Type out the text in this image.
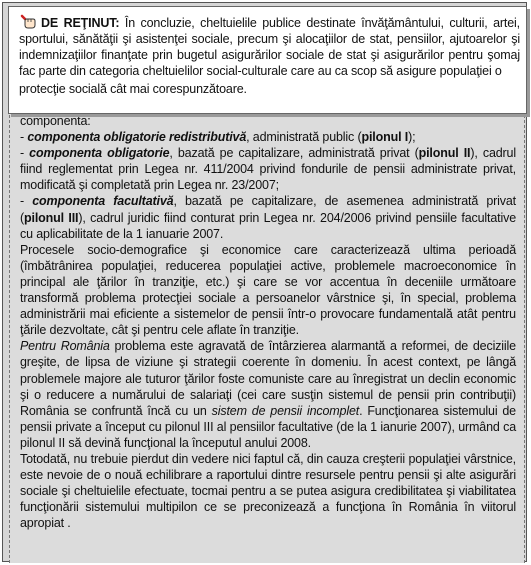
componenta:

- componenta obligatorie redistributivă, administrată public (pilonul I);

- componenta obligatorie, bazată pe capitalizare, administrată privat (pilonul II), cadrul fiind reglementat prin Legea nr. 411/2004 privind fondurile de pensii administrate privat, modificată şi completată prin Legea nr. 23/2007;

- componenta facultativă, bazată pe capitalizare, de asemenea administrată privat (pilonul III), cadrul juridic fiind conturat prin Legea nr. 204/2006 privind pensiile facultative cu aplicabilitate de la 1 ianuarie 2007.

Procesele socio-demografice şi economice care caracterizează ultima perioadă (îmbătrânirea populaţiei, reducerea populaţiei active, problemele macroeconomice în principal ale ţărilor în tranziţie, etc.) şi care se vor accentua în deceniile următoare transformă problema protecţiei sociale a persoanelor vârstnice şi, în special, problema administrării mai eficiente a sistemelor de pensii într-o provocare fundamentală atât pentru ţările dezvoltate, cât şi pentru cele aflate în tranziţie.

Pentru România problema este agravată de întârzierea alarmantă a reformei, de deciziile greşite, de lipsa de viziune şi strategii coerente în domeniu. În acest context, pe lângă problemele majore ale tuturor ţărilor foste comuniste care au înregistrat un declin economic şi o reducere a numărului de salariaţi (cei care susţin sistemul de pensii prin contribuţii) România se confruntă încă cu un sistem de pensii incomplet. Funcţionarea sistemului de pensii private a început cu pilonul III al pensiilor facultative (de la 1 ianurie 2007), urmând ca pilonul II să devină funcţional la începutul anului 2008.

Totodată, nu trebuie pierdut din vedere nici faptul că, din cauza creşterii populaţiei vârstnice, este nevoie de o nouă echilibrare a raportului dintre resursele pentru pensii şi alte asigurări sociale şi cheltuielile efectuate, tocmai pentru a se putea asigura credibilitatea şi viabilitatea funcţionării sistemului multipilon ce se preconizează a funcţiona în România în viitorul apropiat .

DE REŢINUT: În concluzie, cheltuielile publice destinate învăţământului, culturii, artei, sportului, sănătăţii şi asistenţei sociale, precum şi alocaţiilor de stat, pensiilor, ajutoarelor şi indemnizaţiilor finanţate prin bugetul asigurărilor sociale de stat şi asigurărilor pentru şomaj fac parte din categoria cheltuielilor social-culturale care au ca scop să asigure populaţiei o
protecţie socială cât mai corespunzătoare.
